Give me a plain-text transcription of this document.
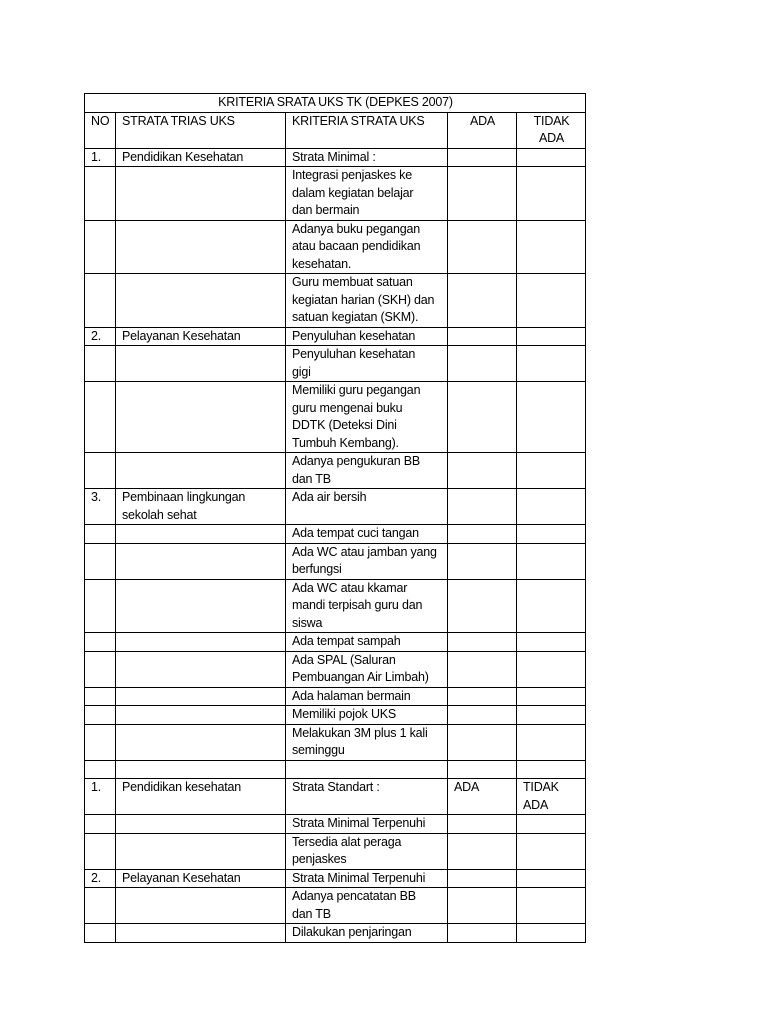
KRITERIA SRATA UKS TK (DEPKES 2007)				
NO	STRATA TRIAS UKS	KRITERIA STRATA UKS	ADA	TIDAK
ADA
1.	Pendidikan Kesehatan	Strata Minimal :		
		Integrasi penjaskes ke
dalam kegiatan belajar
dan bermain		
		Adanya buku pegangan
atau bacaan pendidikan
kesehatan.		
		Guru membuat satuan
kegiatan harian (SKH) dan
satuan kegiatan (SKM).		
2.	Pelayanan Kesehatan	Penyuluhan kesehatan		
		Penyuluhan kesehatan
gigi		
		Memiliki guru pegangan
guru mengenai buku
DDTK (Deteksi Dini
Tumbuh Kembang).		
		Adanya pengukuran BB
dan TB		
3.	Pembinaan lingkungan
sekolah sehat	Ada air bersih		
		Ada tempat cuci tangan		
		Ada WC atau jamban yang
berfungsi		
		Ada WC atau kkamar
mandi terpisah guru dan
siswa		
		Ada tempat sampah		
		Ada SPAL (Saluran
Pembuangan Air Limbah)		
		Ada halaman bermain		
		Memiliki pojok UKS		
		Melakukan 3M plus 1 kali
seminggu		

1.	Pendidikan kesehatan	Strata Standart :	ADA	TIDAK
ADA
		Strata Minimal Terpenuhi		
		Tersedia alat peraga
penjaskes		
2.	Pelayanan Kesehatan	Strata Minimal Terpenuhi		
		Adanya pencatatan BB
dan TB		
		Dilakukan penjaringan		
